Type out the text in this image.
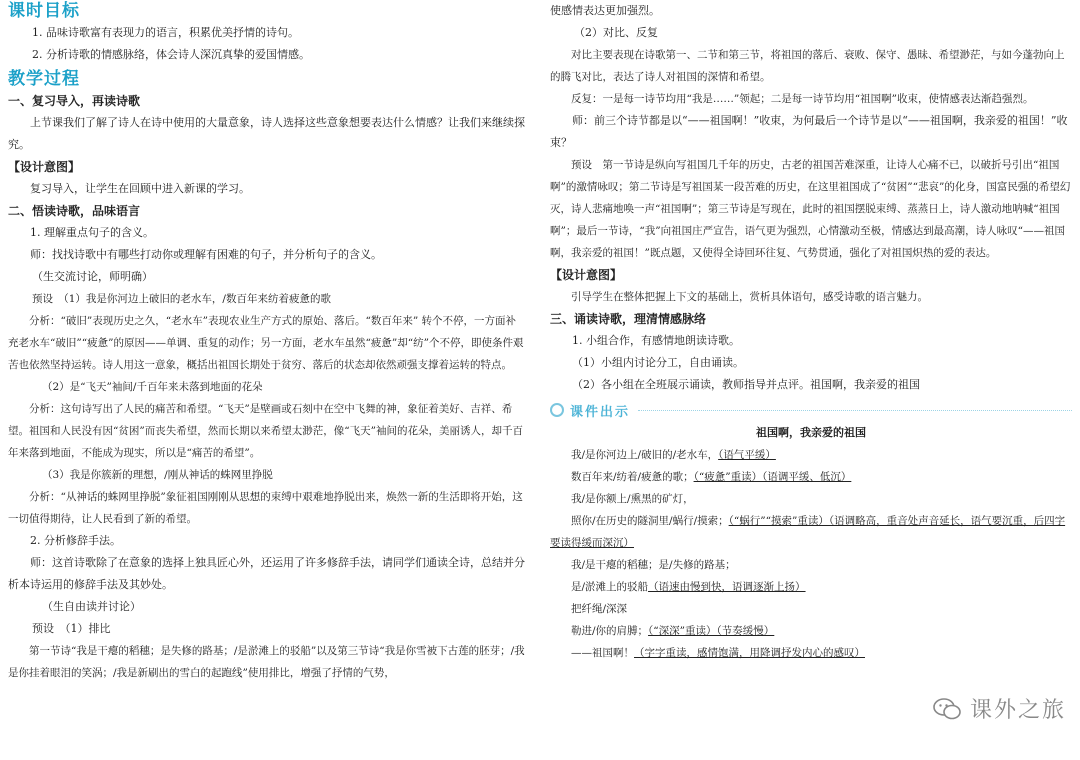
课时目标

1. 品味诗歌富有表现力的语言，积累优美抒情的诗句。

2. 分析诗歌的情感脉络，体会诗人深沉真挚的爱国情感。

教学过程
一、复习导入，再读诗歌

上节课我们了解了诗人在诗中使用的大量意象，诗人选择这些意象想要表达什么情感？让我们来继续探究。

【设计意图】

复习导入，让学生在回顾中进入新课的学习。

二、悟读诗歌，品味语言

1. 理解重点句子的含义。

师：找找诗歌中有哪些打动你或理解有困难的句子，并分析句子的含义。

（生交流讨论，师明确）

预设　（1）我是你河边上破旧的老水车，/数百年来纺着疲惫的歌

分析：“破旧”表现历史之久，“老水车”表现农业生产方式的原始、落后。“数百年来” 转个不停，一方面补充老水车“破旧”“疲惫”的原因——单调、重复的动作；另一方面，老水车虽然“疲惫”却“纺”个不停，即使条件艰苦也依然坚持运转。诗人用这一意象，概括出祖国长期处于贫穷、落后的状态却依然顽强支撑着运转的特点。

（2）是“飞天”袖间/千百年来未落到地面的花朵

分析：这句诗写出了人民的痛苦和希望。“飞天”是壁画或石刻中在空中飞舞的神，象征着美好、吉祥、希望。祖国和人民没有因“贫困”而丧失希望，然而长期以来希望太渺茫，像“飞天”袖间的花朵，美丽诱人，却千百年来落到地面，不能成为现实，所以是“痛苦的希望”。

（3）我是你簇新的理想，/刚从神话的蛛网里挣脱

分析：“从神话的蛛网里挣脱”象征祖国刚刚从思想的束缚中艰难地挣脱出来，焕然一新的生活即将开始，这一切值得期待，让人民看到了新的希望。

2. 分析修辞手法。

师：这首诗歌除了在意象的选择上独具匠心外，还运用了许多修辞手法，请同学们通读全诗，总结并分析本诗运用的修辞手法及其妙处。

（生自由读并讨论）

预设　（1）排比

第一节诗“我是干瘪的稻穗；是失修的路基；/是淤滩上的驳船”以及第三节诗“我是你雪被下古莲的胚芽；/我是你挂着眼泪的笑涡；/我是新刷出的雪白的起跑线”使用排比，增强了抒情的气势，

使感情表达更加强烈。

（2）对比、反复

对比主要表现在诗歌第一、二节和第三节，将祖国的落后、衰败、保守、愚昧、希望渺茫，与如今蓬勃向上的腾飞对比，表达了诗人对祖国的深情和希望。

反复：一是每一诗节均用“我是……”领起；二是每一诗节均用“祖国啊”收束，使情感表达渐趋强烈。

师：前三个诗节都是以“——祖国啊！”收束，为何最后一个诗节是以“——祖国啊，我亲爱的祖国！”收束？

预设　第一节诗是纵向写祖国几千年的历史，古老的祖国苦难深重，让诗人心痛不已，以破折号引出“祖国啊”的激情咏叹；第二节诗是写祖国某一段苦难的历史，在这里祖国成了“贫困”“悲哀”的化身，国富民强的希望幻灭，诗人悲痛地唤一声“祖国啊”；第三节诗是写现在，此时的祖国摆脱束缚、蒸蒸日上，诗人激动地呐喊“祖国啊”；最后一节诗，“我”向祖国庄严宣告，语气更为强烈，心情激动至极，情感达到最高潮，诗人咏叹“——祖国啊，我亲爱的祖国！”既点题，又使得全诗回环往复、气势贯通，强化了对祖国炽热的爱的表达。

【设计意图】

引导学生在整体把握上下文的基础上，赏析具体语句，感受诗歌的语言魅力。

三、诵读诗歌，理清情感脉络

1. 小组合作，有感情地朗读诗歌。

（1）小组内讨论分工，自由诵读。

（2）各小组在全班展示诵读，教师指导并点评。祖国啊，我亲爱的祖国

课件出示

祖国啊，我亲爱的祖国

我/是你河边上/破旧的/老水车，（语气平缓）

数百年来/纺着/疲惫的歌；（“疲惫”重读）（语调平缓、低沉）

我/是你额上/熏黑的矿灯，

照你/在历史的隧洞里/蜗行/摸索；（“蜗行”“摸索”重读）（语调略高，重音处声音延长，语气要沉重，后四字要读得缓而深沉）

我/是干瘪的稻穗；是/失修的路基；

是/淤滩上的驳船（语速由慢到快，语调逐渐上扬）

把纤绳/深深

勒进/你的肩膊；（“深深”重读）（节奏缓慢）

——祖国啊！（字字重读，感情饱满，用降调抒发内心的感叹）

课外之旅
